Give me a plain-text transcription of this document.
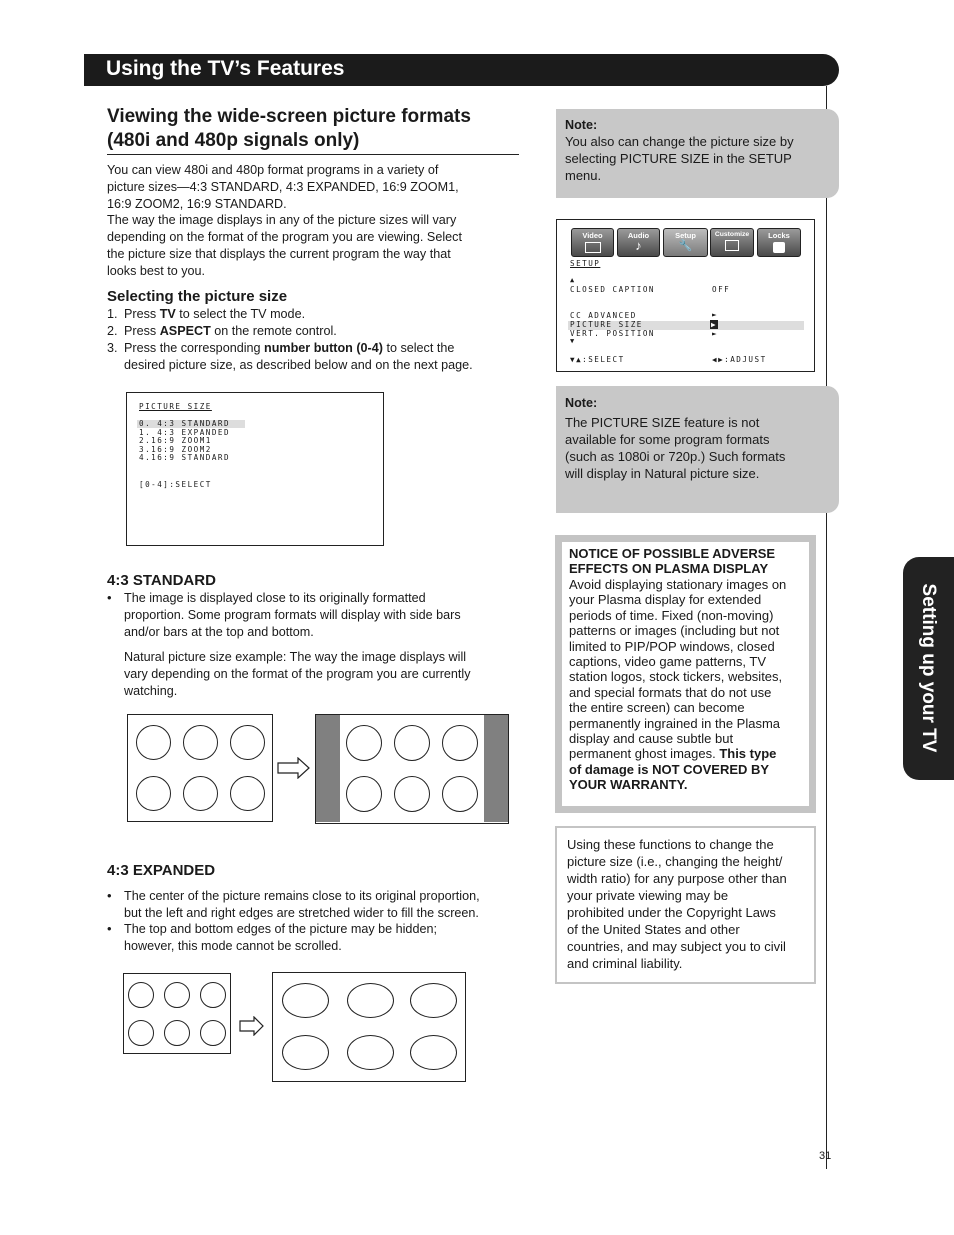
Using the TV’s Features
Setting up your TV
Viewing the wide-screen picture formats
(480i and 480p signals only)
You can view 480i and 480p format programs in a variety of
picture sizes—4:3 STANDARD, 4:3 EXPANDED, 16:9 ZOOM1,
16:9 ZOOM2, 16:9 STANDARD.
The way the image displays in any of the picture sizes will vary
depending on the format of the program you are viewing. Select
the picture size that displays the current program the way that
looks best to you.
Selecting the picture size
1. Press TV to select the TV mode.
2. Press ASPECT on the remote control.
3. Press the corresponding number button (0-4) to select the
desired picture size, as described below and on the next page.
PICTURE SIZE
0. 4:3 STANDARD
1. 4:3 EXPANDED
2.16:9 ZOOM1
3.16:9 ZOOM2
4.16:9 STANDARD
[0-4]:SELECT
4:3 STANDARD
• The image is displayed close to its originally formatted
proportion. Some program formats will display with side bars
and/or bars at the top and bottom.
Natural picture size example: The way the image displays will
vary depending on the format of the program you are currently
watching.
4:3 EXPANDED
• The center of the picture remains close to its original proportion,
but the left and right edges are stretched wider to fill the screen.
• The top and bottom edges of the picture may be hidden;
however, this mode cannot be scrolled.
Note:
You also can change the picture size by
selecting PICTURE SIZE in the SETUP
menu.
Video	Audio
♪
Setup
🔧
Customize	Locks
SETUP
▲
CLOSED CAPTION	OFF
CC ADVANCED	►
PICTURE SIZE	▶
VERT. POSITION	►
▼
▼▲:SELECT	◀▶:ADJUST
Note:
The PICTURE SIZE feature is not
available for some program formats
(such as 1080i or 720p.) Such formats
will display in Natural picture size.
NOTICE OF POSSIBLE ADVERSE
EFFECTS ON PLASMA DISPLAY
Avoid displaying stationary images on
your Plasma display for extended
periods of time. Fixed (non-moving)
patterns or images (including but not
limited to PIP/POP windows, closed
captions, video game patterns, TV
station logos, stock tickers, websites,
and special formats that do not use
the entire screen) can become
permanently ingrained in the Plasma
display and cause subtle but
permanent ghost images. This type
of damage is NOT COVERED BY
YOUR WARRANTY.
Using these functions to change the
picture size (i.e., changing the height/
width ratio) for any purpose other than
your private viewing may be
prohibited under the Copyright Laws
of the United States and other
countries, and may subject you to civil
and criminal liability.
31
